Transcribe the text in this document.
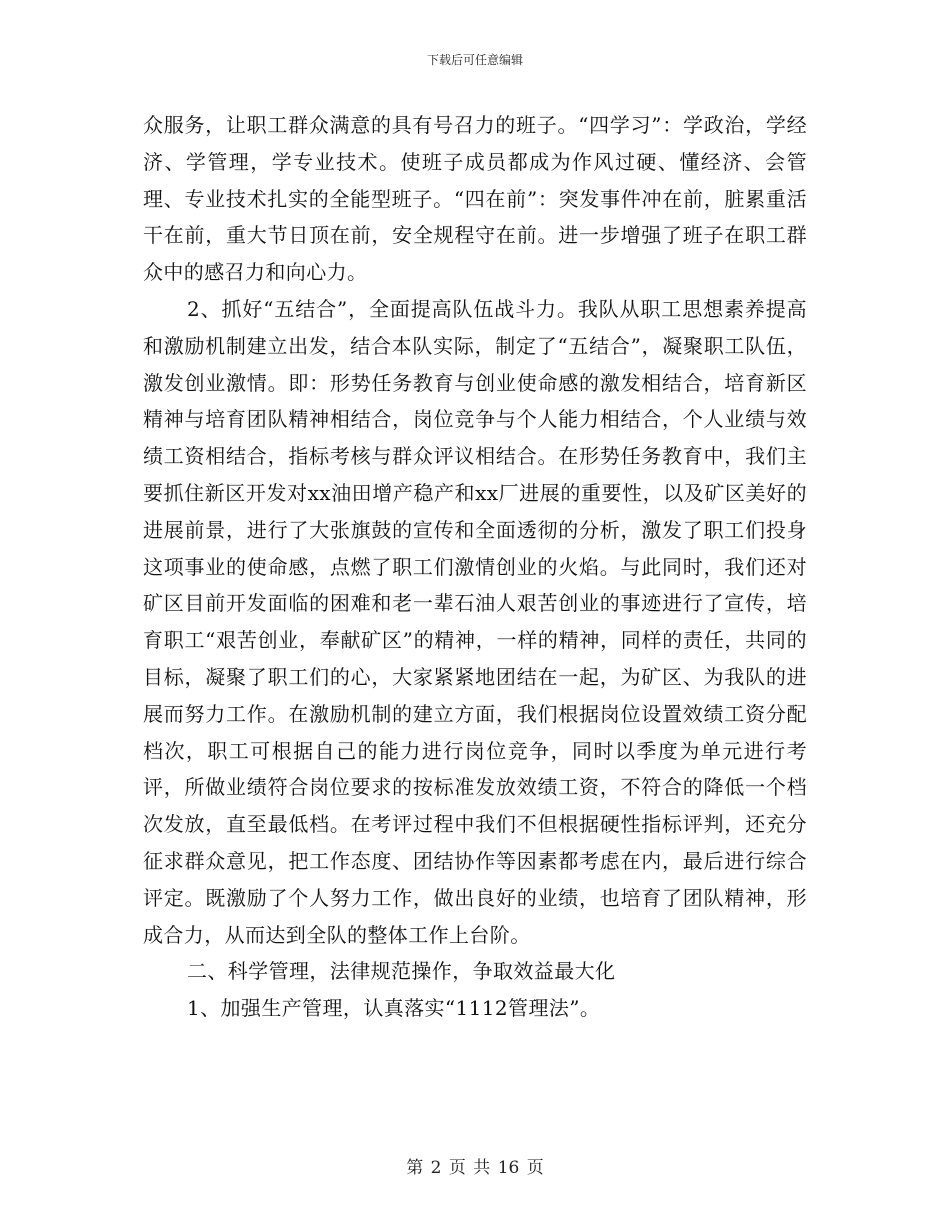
下载后可任意编辑

众服务，让职工群众满意的具有号召力的班子。“四学习”：学政治，学经济、学管理，学专业技术。使班子成员都成为作风过硬、懂经济、会管理、专业技术扎实的全能型班子。“四在前”：突发事件冲在前，脏累重活干在前，重大节日顶在前，安全规程守在前。进一步增强了班子在职工群众中的感召力和向心力。

2、抓好“五结合”，全面提高队伍战斗力。我队从职工思想素养提高和激励机制建立出发，结合本队实际，制定了“五结合”，凝聚职工队伍，激发创业激情。即：形势任务教育与创业使命感的激发相结合，培育新区精神与培育团队精神相结合，岗位竞争与个人能力相结合，个人业绩与效绩工资相结合，指标考核与群众评议相结合。在形势任务教育中，我们主要抓住新区开发对xx油田增产稳产和xx厂进展的重要性，以及矿区美好的进展前景，进行了大张旗鼓的宣传和全面透彻的分析，激发了职工们投身这项事业的使命感，点燃了职工们激情创业的火焰。与此同时，我们还对矿区目前开发面临的困难和老一辈石油人艰苦创业的事迹进行了宣传，培育职工“艰苦创业，奉献矿区”的精神，一样的精神，同样的责任，共同的目标，凝聚了职工们的心，大家紧紧地团结在一起，为矿区、为我队的进展而努力工作。在激励机制的建立方面，我们根据岗位设置效绩工资分配档次，职工可根据自己的能力进行岗位竞争，同时以季度为单元进行考评，所做业绩符合岗位要求的按标准发放效绩工资，不符合的降低一个档次发放，直至最低档。在考评过程中我们不但根据硬性指标评判，还充分征求群众意见，把工作态度、团结协作等因素都考虑在内，最后进行综合评定。既激励了个人努力工作，做出良好的业绩，也培育了团队精神，形成合力，从而达到全队的整体工作上台阶。

二、科学管理，法律规范操作，争取效益最大化

1、加强生产管理，认真落实“1112管理法”。

第 2 页 共 16 页
